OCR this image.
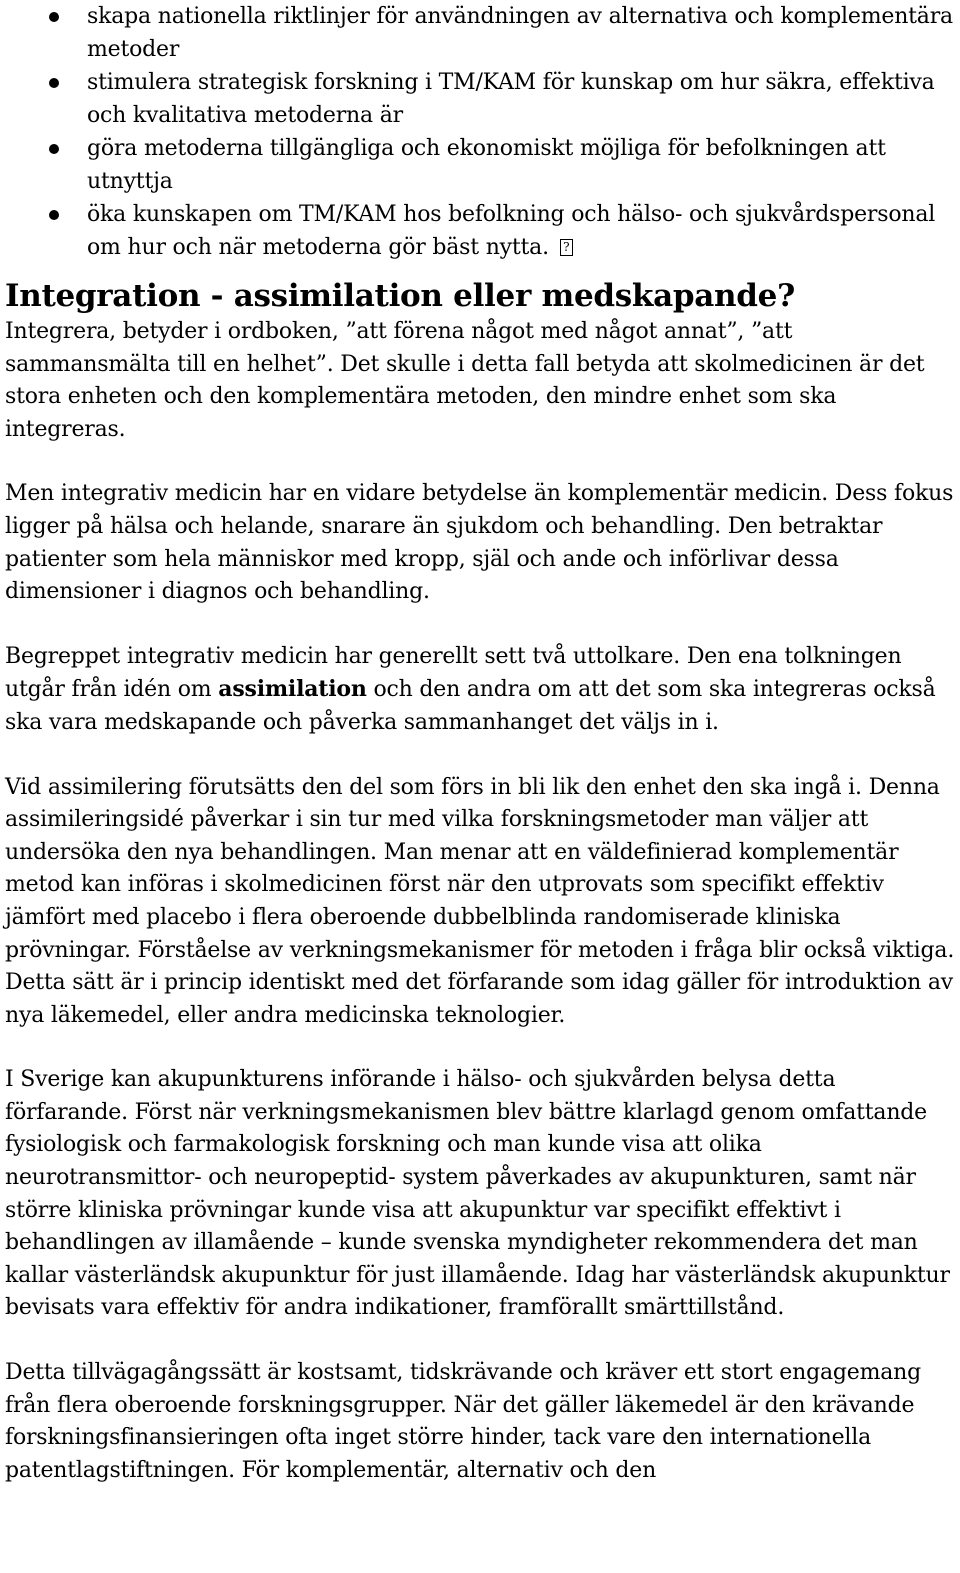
skapa nationella riktlinjer för användningen av alternativa och komplementära metoder
stimulera strategisk forskning i TM/KAM för kunskap om hur säkra, effektiva och kvalitativa metoderna är
göra metoderna tillgängliga och ekonomiskt möjliga för befolkningen att utnyttja
öka kunskapen om TM/KAM hos befolkning och hälso- och sjukvårdspersonal om hur och när metoderna gör bäst nytta. ?
Integration - assimilation eller medskapande?

Integrera, betyder i ordboken, ”att förena något med något annat”, ”att sammansmälta till en helhet”. Det skulle i detta fall betyda att skolmedicinen är det stora enheten och den komplementära metoden, den mindre enhet som ska integreras.

Men integrativ medicin har en vidare betydelse än komplementär medicin. Dess fokus ligger på hälsa och helande, snarare än sjukdom och behandling. Den betraktar patienter som hela människor med kropp, själ och ande och införlivar dessa dimensioner i diagnos och behandling.

Begreppet integrativ medicin har generellt sett två uttolkare. Den ena tolkningen utgår från idén om assimilation och den andra om att det som ska integreras också ska vara medskapande och påverka sammanhanget det väljs in i.

Vid assimilering förutsätts den del som förs in bli lik den enhet den ska ingå i. Denna assimileringsidé påverkar i sin tur med vilka forskningsmetoder man väljer att undersöka den nya behandlingen. Man menar att en väldefinierad komplementär metod kan införas i skolmedicinen först när den utprovats som specifikt effektiv jämfört med placebo i flera oberoende dubbelblinda randomiserade kliniska prövningar. Förståelse av verkningsmekanismer för metoden i fråga blir också viktiga. Detta sätt är i princip identiskt med det förfarande som idag gäller för introduktion av nya läkemedel, eller andra medicinska teknologier.

I Sverige kan akupunkturens införande i hälso- och sjukvården belysa detta förfarande. Först när verkningsmekanismen blev bättre klarlagd genom omfattande fysiologisk och farmakologisk forskning och man kunde visa att olika neurotransmittor- och neuropeptid- system påverkades av akupunkturen, samt när större kliniska prövningar kunde visa att akupunktur var specifikt effektivt i behandlingen av illamående – kunde svenska myndigheter rekommendera det man kallar västerländsk akupunktur för just illamående. Idag har västerländsk akupunktur bevisats vara effektiv för andra indikationer, framförallt smärttillstånd.

Detta tillvägagångssätt är kostsamt, tidskrävande och kräver ett stort engagemang från flera oberoende forskningsgrupper. När det gäller läkemedel är den krävande forskningsfinansieringen ofta inget större hinder, tack vare den internationella patentlagstiftningen. För komplementär, alternativ och den
